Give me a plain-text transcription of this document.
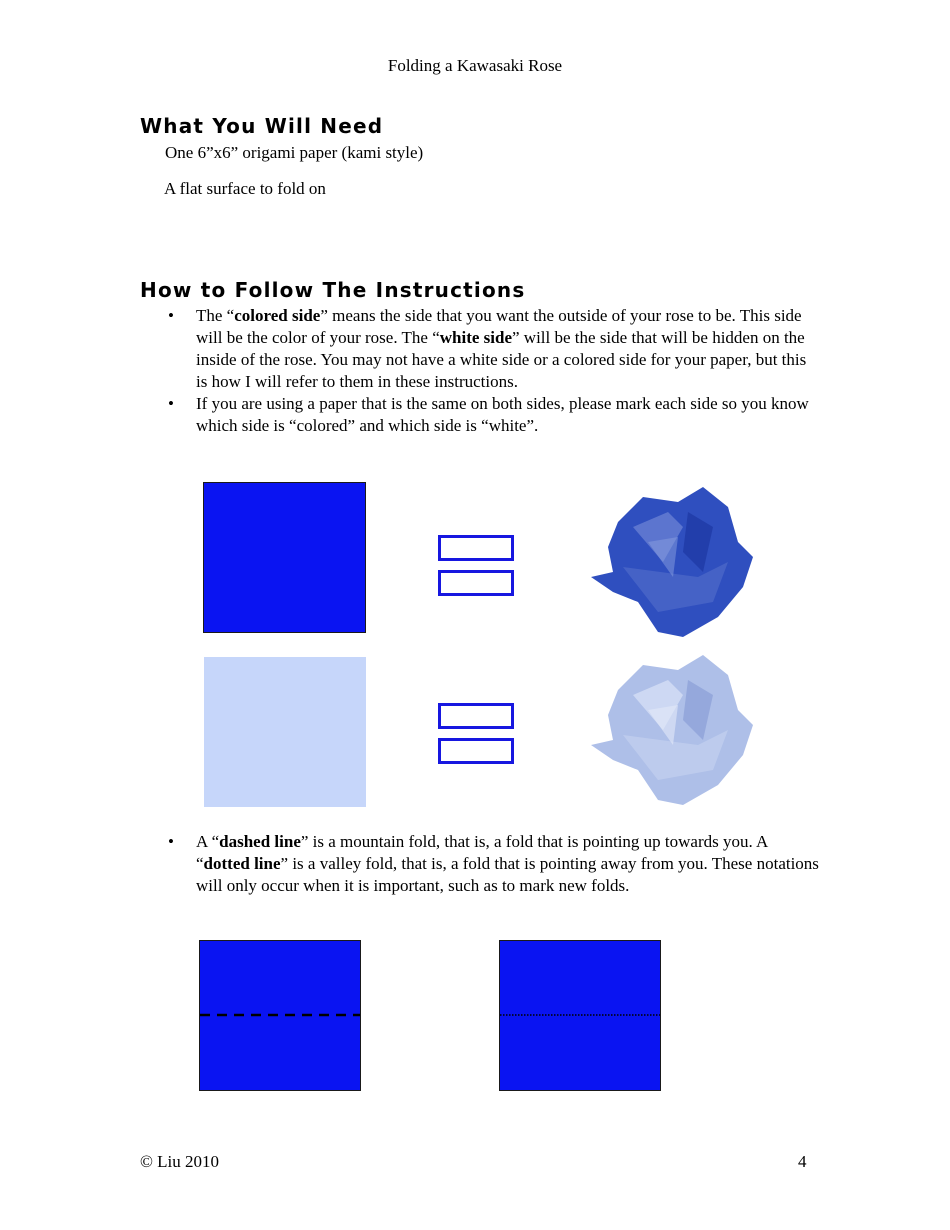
Folding a Kawasaki Rose
What You Will Need
One 6”x6” origami paper (kami style)
A flat surface to fold on
How to Follow The Instructions
• The “colored side” means the side that you want the outside of your rose to be. This side will be the color of your rose. The “white side” will be the side that will be hidden on the inside of the rose. You may not have a white side or a colored side for your paper, but this is how I will refer to them in these instructions.
• If you are using a paper that is the same on both sides, please mark each side so you know which side is “colored” and which side is “white”.
• A “dashed line” is a mountain fold, that is, a fold that is pointing up towards you. A “dotted line” is a valley fold, that is, a fold that is pointing away from you. These notations will only occur when it is important, such as to mark new folds.
© Liu 2010	4
